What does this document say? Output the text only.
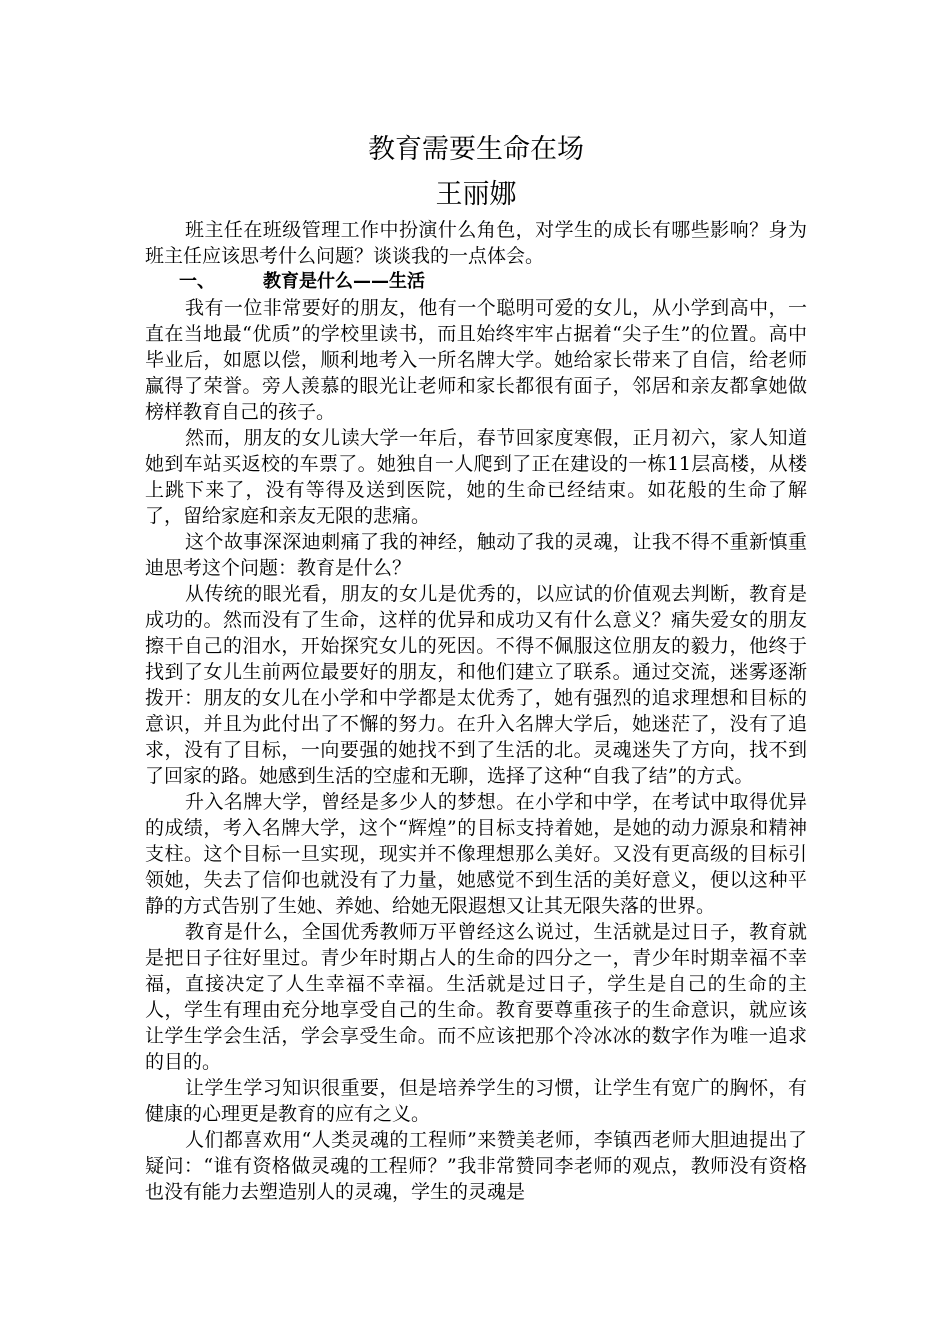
教育需要生命在场
王丽娜

班主任在班级管理工作中扮演什么角色，对学生的成长有哪些影响？身为班主任应该思考什么问题？谈谈我的一点体会。

一、	教育是什么——生活

我有一位非常要好的朋友，他有一个聪明可爱的女儿，从小学到高中，一直在当地最“优质”的学校里读书，而且始终牢牢占据着“尖子生”的位置。高中毕业后，如愿以偿，顺利地考入一所名牌大学。她给家长带来了自信，给老师赢得了荣誉。旁人羡慕的眼光让老师和家长都很有面子，邻居和亲友都拿她做榜样教育自己的孩子。

然而，朋友的女儿读大学一年后，春节回家度寒假，正月初六，家人知道她到车站买返校的车票了。她独自一人爬到了正在建设的一栋11层高楼，从楼上跳下来了，没有等得及送到医院，她的生命已经结束。如花般的生命了解了，留给家庭和亲友无限的悲痛。

这个故事深深迪刺痛了我的神经，触动了我的灵魂，让我不得不重新慎重迪思考这个问题：教育是什么？

从传统的眼光看，朋友的女儿是优秀的，以应试的价值观去判断，教育是成功的。然而没有了生命，这样的优异和成功又有什么意义？痛失爱女的朋友擦干自己的泪水，开始探究女儿的死因。不得不佩服这位朋友的毅力，他终于找到了女儿生前两位最要好的朋友，和他们建立了联系。通过交流，迷雾逐渐拨开：朋友的女儿在小学和中学都是太优秀了，她有强烈的追求理想和目标的意识，并且为此付出了不懈的努力。在升入名牌大学后，她迷茫了，没有了追求，没有了目标，一向要强的她找不到了生活的北。灵魂迷失了方向，找不到了回家的路。她感到生活的空虚和无聊，选择了这种“自我了结”的方式。

升入名牌大学，曾经是多少人的梦想。在小学和中学，在考试中取得优异的成绩，考入名牌大学，这个“辉煌”的目标支持着她，是她的动力源泉和精神支柱。这个目标一旦实现，现实并不像理想那么美好。又没有更高级的目标引领她，失去了信仰也就没有了力量，她感觉不到生活的美好意义，便以这种平静的方式告别了生她、养她、给她无限遐想又让其无限失落的世界。

教育是什么，全国优秀教师万平曾经这么说过，生活就是过日子，教育就是把日子往好里过。青少年时期占人的生命的四分之一，青少年时期幸福不幸福，直接决定了人生幸福不幸福。生活就是过日子，学生是自己的生命的主人，学生有理由充分地享受自己的生命。教育要尊重孩子的生命意识，就应该让学生学会生活，学会享受生命。而不应该把那个冷冰冰的数字作为唯一追求的目的。

让学生学习知识很重要，但是培养学生的习惯，让学生有宽广的胸怀，有健康的心理更是教育的应有之义。

人们都喜欢用“人类灵魂的工程师”来赞美老师，李镇西老师大胆迪提出了疑问：“谁有资格做灵魂的工程师？”我非常赞同李老师的观点，教师没有资格也没有能力去塑造别人的灵魂，学生的灵魂是
